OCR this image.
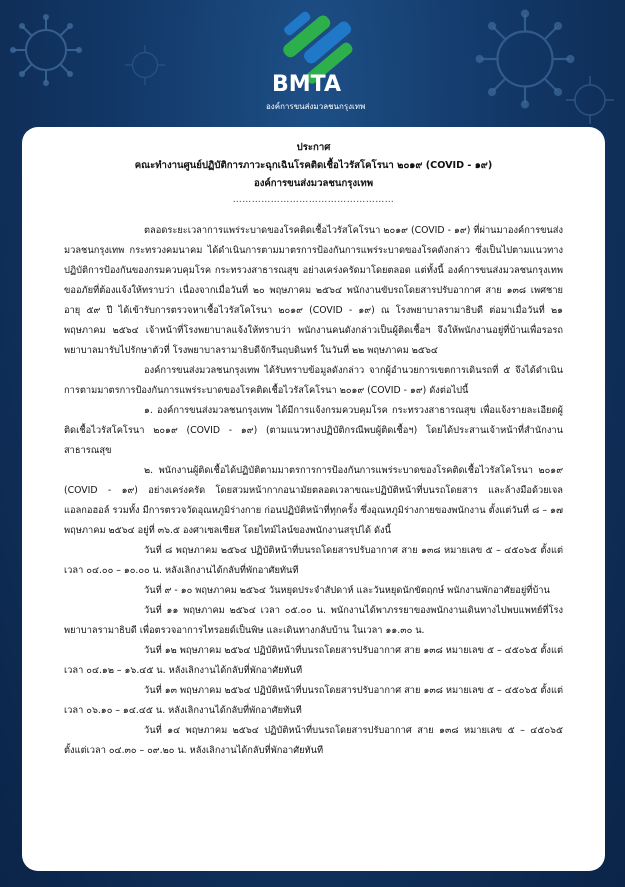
BMTA
องค์การขนส่งมวลชนกรุงเทพ
ประกาศ
คณะทำงานศูนย์ปฏิบัติการภาวะฉุกเฉินโรคติดเชื้อไวรัสโคโรนา ๒๐๑๙ (COVID - ๑๙)
องค์การขนส่งมวลชนกรุงเทพ
……………………………………………

ตลอดระยะเวลาการแพร่ระบาดของโรคติดเชื้อไวรัสโคโรนา ๒๐๑๙ (COVID - ๑๙) ที่ผ่านมาองค์การขนส่งมวลชนกรุงเทพ กระทรวงคมนาคม ได้ดำเนินการตามมาตรการป้องกันการแพร่ระบาดของโรคดังกล่าว ซึ่งเป็นไปตามแนวทางปฏิบัติการป้องกันของกรมควบคุมโรค กระทรวงสาธารณสุข อย่างเคร่งครัดมาโดยตลอด แต่ทั้งนี้ องค์การขนส่งมวลชนกรุงเทพ ขออภัยที่ต้องแจ้งให้ทราบว่า เนื่องจากเมื่อวันที่ ๒๐ พฤษภาคม ๒๕๖๔ พนักงานขับรถโดยสารปรับอากาศ สาย ๑๓๘ เพศชาย อายุ ๕๙ ปี ได้เข้ารับการตรวจหาเชื้อไวรัสโคโรนา ๒๐๑๙ (COVID - ๑๙) ณ โรงพยาบาลรามาธิบดี ต่อมาเมื่อวันที่ ๒๑ พฤษภาคม ๒๕๖๔ เจ้าหน้าที่โรงพยาบาลแจ้งให้ทราบว่า พนักงานคนดังกล่าวเป็นผู้ติดเชื้อฯ จึงให้พนักงานอยู่ที่บ้านเพื่อรอรถพยาบาลมารับไปรักษาตัวที่ โรงพยาบาลรามาธิบดีจักรีนฤบดินทร์ ในวันที่ ๒๒ พฤษภาคม ๒๕๖๔

องค์การขนส่งมวลชนกรุงเทพ ได้รับทราบข้อมูลดังกล่าว จากผู้อำนวยการเขตการเดินรถที่ ๕ จึงได้ดำเนินการตามมาตรการป้องกันการแพร่ระบาดของโรคติดเชื้อไวรัสโคโรนา ๒๐๑๙ (COVID - ๑๙) ดังต่อไปนี้

๑. องค์การขนส่งมวลชนกรุงเทพ ได้มีการแจ้งกรมควบคุมโรค กระทรวงสาธารณสุข เพื่อแจ้งรายละเอียดผู้ติดเชื้อไวรัสโคโรนา ๒๐๑๙ (COVID - ๑๙) (ตามแนวทางปฏิบัติกรณีพบผู้ติดเชื้อฯ) โดยได้ประสานเจ้าหน้าที่สำนักงานสาธารณสุข

๒. พนักงานผู้ติดเชื้อได้ปฏิบัติตามมาตรการการป้องกันการแพร่ระบาดของโรคติดเชื้อไวรัสโคโรนา ๒๐๑๙ (COVID - ๑๙) อย่างเคร่งครัด โดยสวมหน้ากากอนามัยตลอดเวลาขณะปฏิบัติหน้าที่บนรถโดยสาร และล้างมือด้วยเจลแอลกอฮอล์ รวมทั้ง มีการตรวจวัดอุณหภูมิร่างกาย ก่อนปฏิบัติหน้าที่ทุกครั้ง ซึ่งอุณหภูมิร่างกายของพนักงาน ตั้งแต่วันที่ ๘ – ๑๗ พฤษภาคม ๒๕๖๔ อยู่ที่ ๓๖.๕ องศาเซลเซียส โดยไทม์ไลน์ของพนักงานสรุปได้ ดังนี้

วันที่ ๘ พฤษภาคม ๒๕๖๔ ปฏิบัติหน้าที่บนรถโดยสารปรับอากาศ สาย ๑๓๘ หมายเลข ๕ – ๔๕๐๖๕ ตั้งแต่เวลา ๐๔.๐๐ – ๑๐.๐๐ น. หลังเลิกงานได้กลับที่พักอาศัยทันที

วันที่ ๙ - ๑๐ พฤษภาคม ๒๕๖๔ วันหยุดประจำสัปดาห์ และวันหยุดนักขัตฤกษ์ พนักงานพักอาศัยอยู่ที่บ้าน

วันที่ ๑๑ พฤษภาคม ๒๕๖๔ เวลา ๐๕.๐๐ น. พนักงานได้พาภรรยาของพนักงานเดินทางไปพบแพทย์ที่โรงพยาบาลรามาธิบดี เพื่อตรวจอาการไทรอยด์เป็นพิษ และเดินทางกลับบ้าน ในเวลา ๑๑.๓๐ น.

วันที่ ๑๒ พฤษภาคม ๒๕๖๔ ปฏิบัติหน้าที่บนรถโดยสารปรับอากาศ สาย ๑๓๘ หมายเลข ๕ – ๔๕๐๖๕ ตั้งแต่เวลา ๐๔.๑๒ – ๑๖.๔๕ น. หลังเลิกงานได้กลับที่พักอาศัยทันที

วันที่ ๑๓ พฤษภาคม ๒๕๖๔ ปฏิบัติหน้าที่บนรถโดยสารปรับอากาศ สาย ๑๓๘ หมายเลข ๕ – ๔๕๐๖๕ ตั้งแต่เวลา ๐๖.๑๐ – ๑๔.๔๕ น. หลังเลิกงานได้กลับที่พักอาศัยทันที

วันที่ ๑๔ พฤษภาคม ๒๕๖๔ ปฏิบัติหน้าที่บนรถโดยสารปรับอากาศ สาย ๑๓๘ หมายเลข ๕ – ๔๕๐๖๕ ตั้งแต่เวลา ๐๔.๓๐ – ๐๙.๒๐ น. หลังเลิกงานได้กลับที่พักอาศัยทันที
